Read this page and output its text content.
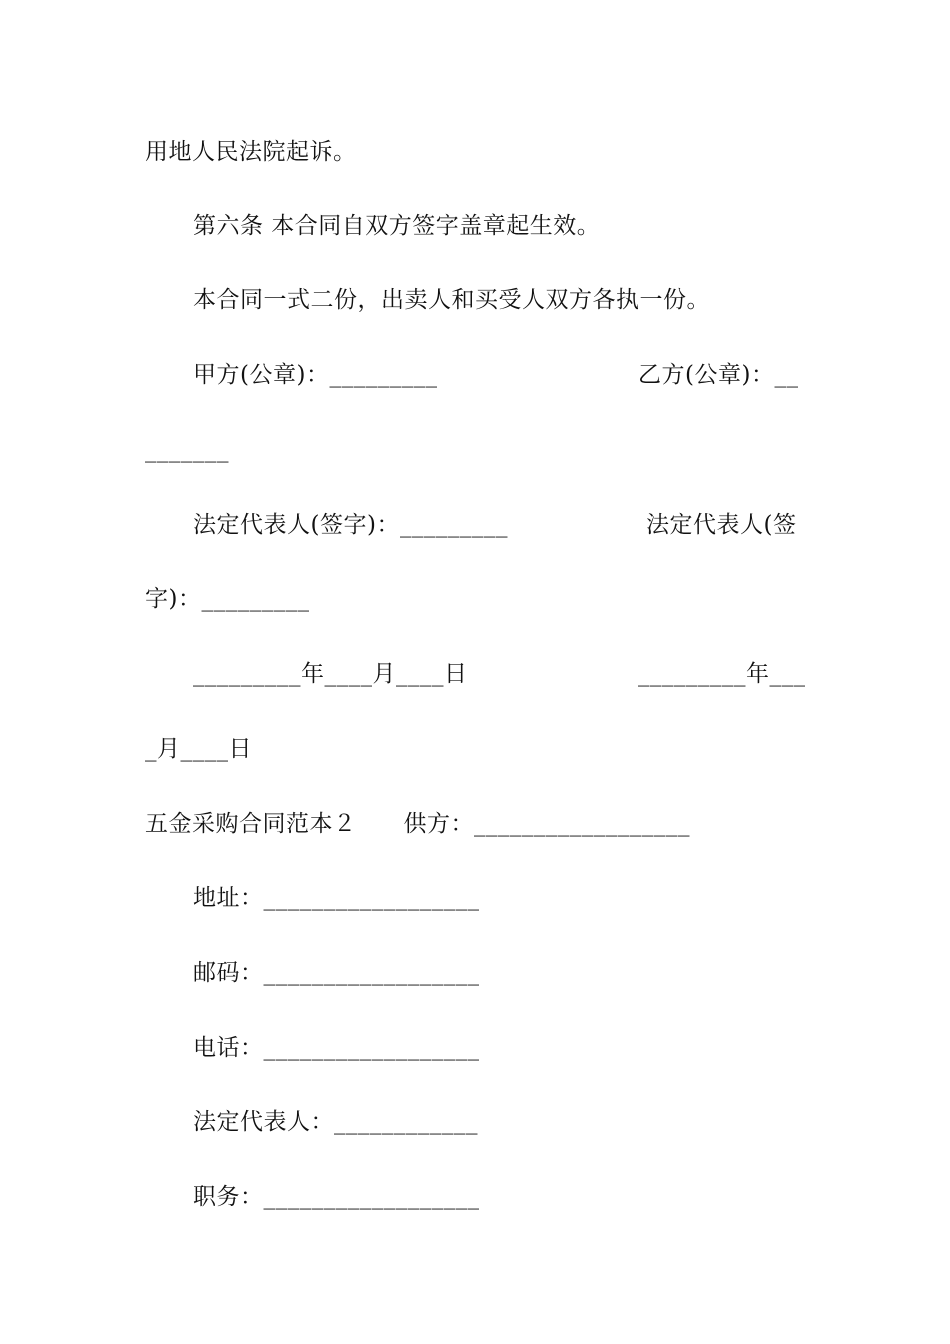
用地人民法院起诉。
第六条 本合同自双方签字盖章起生效。
本合同一式二份，出卖人和买受人双方各执一份。
甲方(公章)：_________	乙方(公章)：__
_______
法定代表人(签字)：_________	法定代表人(签
字)：_________
_________年____月____日	_________年___
_月____日
五金采购合同范本２　　供方：__________________
地址：__________________
邮码：__________________
电话：__________________
法定代表人：____________
职务：__________________
